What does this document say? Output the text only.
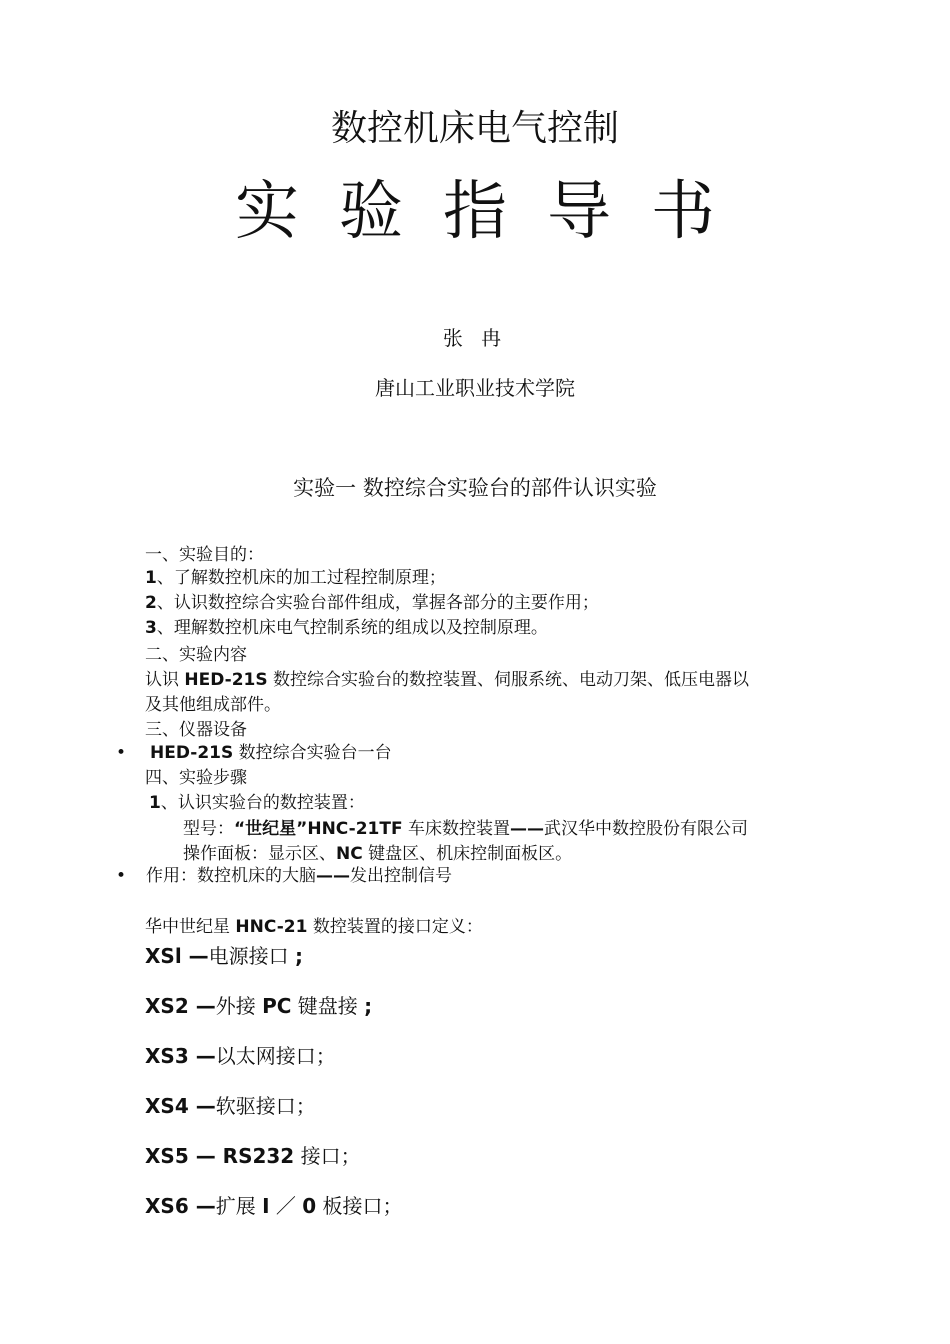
数控机床电气控制
实验指导书
张 冉
唐山工业职业技术学院
实验一 数控综合实验台的部件认识实验
一、实验目的：
1、了解数控机床的加工过程控制原理；
2、认识数控综合实验台部件组成，掌握各部分的主要作用；
3、理解数控机床电气控制系统的组成以及控制原理。
二、实验内容
认识 HED-21S 数控综合实验台的数控装置、伺服系统、电动刀架、低压电器以
及其他组成部件。
三、仪器设备
• HED-21S 数控综合实验台一台
四、实验步骤
1、认识实验台的数控装置：
型号：“世纪星”HNC-21TF 车床数控装置——武汉华中数控股份有限公司
操作面板：显示区、NC 键盘区、机床控制面板区。
• 作用：数控机床的大脑——发出控制信号
华中世纪星 HNC-21 数控装置的接口定义：
XSl —电源接口 ;
XS2 —外接 PC 键盘接 ;
XS3 —以太网接口；
XS4 —软驱接口；
XS5 — RS232 接口；
XS6 —扩展 I ／ 0 板接口；
